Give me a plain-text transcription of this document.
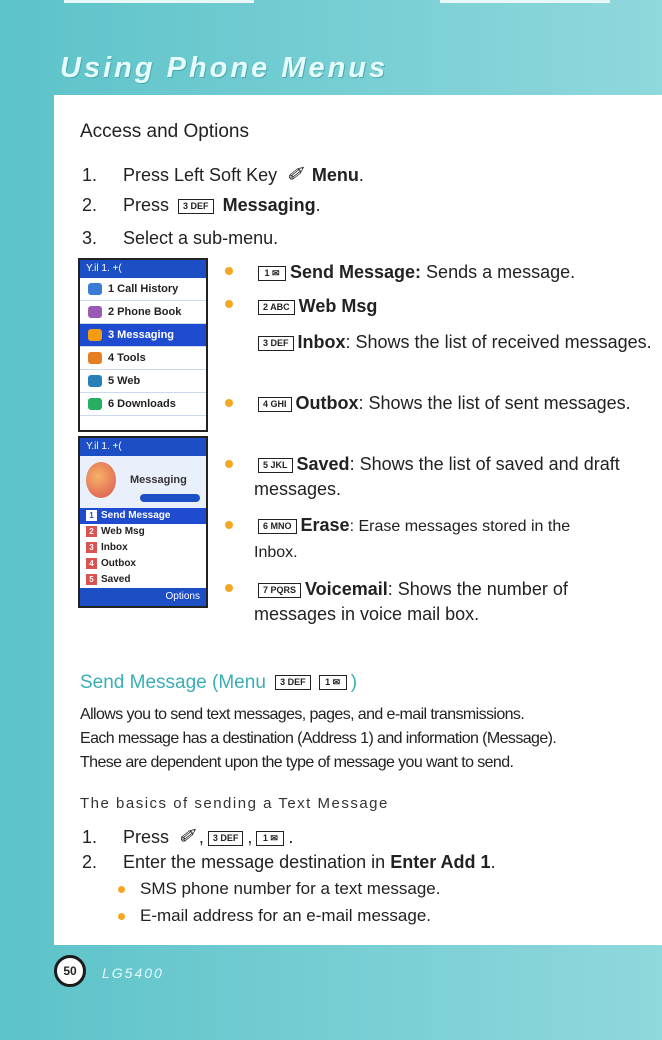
Using Phone Menus
Access and Options
1. Press Left Soft Key ✐ Menu.
2. Press 3 DEF Messaging.
3. Select a sub-menu.
Y.il 1. +(
1 Call History
2 Phone Book
3 Messaging
4 Tools
5 Web
6 Downloads
Y.il 1. +(
Messaging
1 Send Message
2 Web Msg
3 Inbox
4 Outbox
5 Saved
Options
1 ✉ Send Message: Sends a message.
2 ABC Web Msg
3 DEF Inbox: Shows the list of received messages.
4 GHI Outbox: Shows the list of sent messages.
5 JKL Saved: Shows the list of saved and draft messages.
6 MNO Erase: Erase messages stored in the Inbox.
7 PQRS Voicemail: Shows the number of messages in voice mail box.
Send Message (Menu 3 DEF 1 ✉ )
Allows you to send text messages, pages, and e-mail transmissions.
Each message has a destination (Address 1) and information (Message).
These are dependent upon the type of message you want to send.
The basics of sending a Text Message
1. Press ✐ , 3 DEF , 1 ✉ .
2. Enter the message destination in Enter Add 1.
SMS phone number for a text message.
E-mail address for an e-mail message.
50	LG5400
